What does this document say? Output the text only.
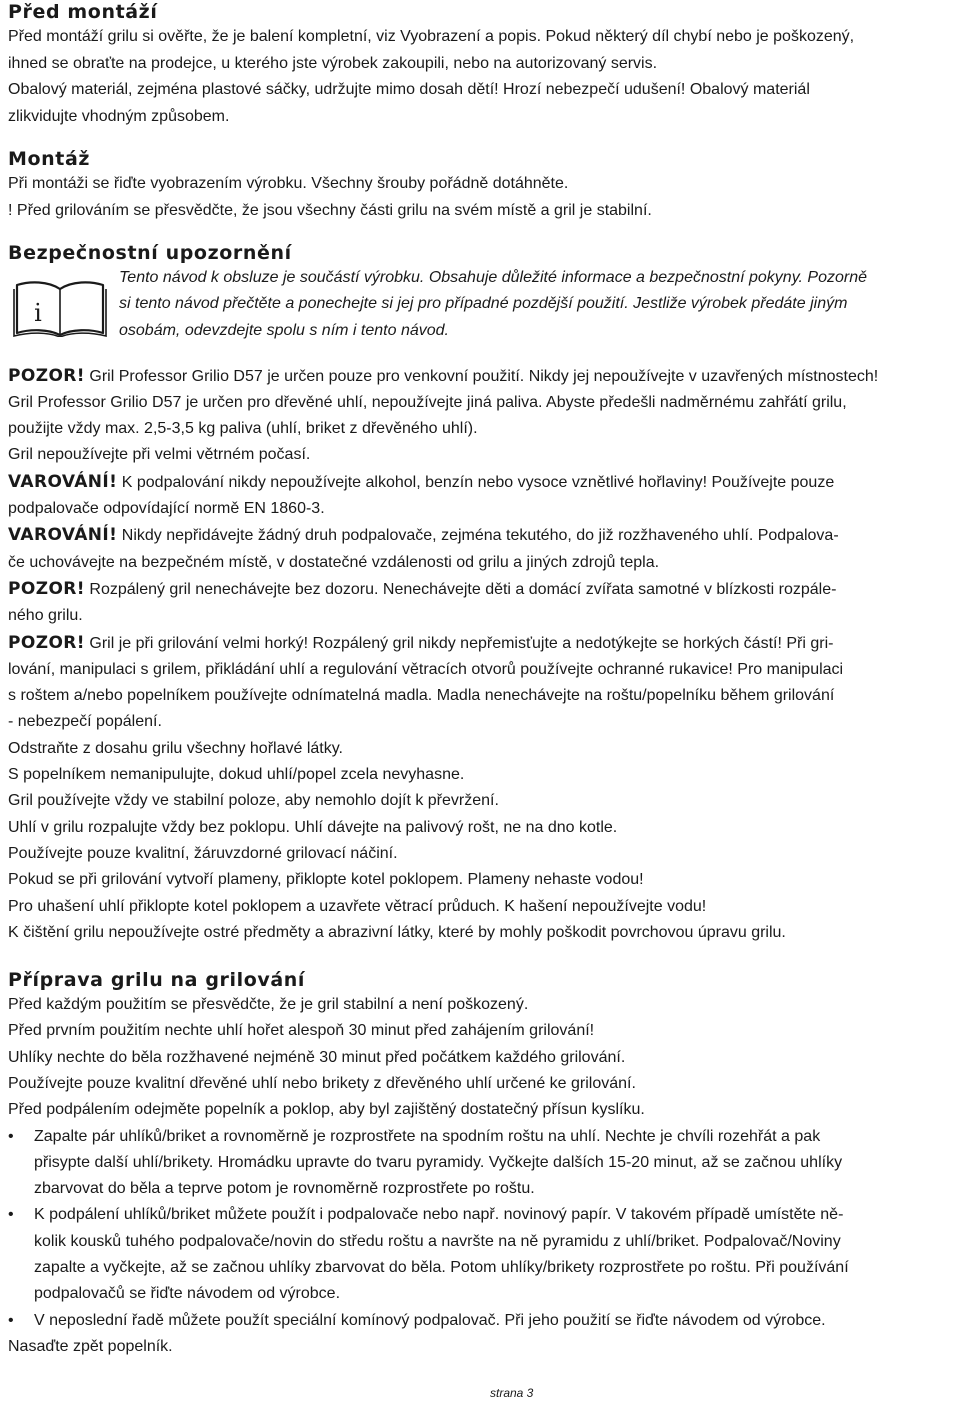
Před montáží

Před montáží grilu si ověřte, že je balení kompletní, viz Vyobrazení a popis. Pokud některý díl chybí nebo je poškozený,

ihned se obraťte na prodejce, u kterého jste výrobek zakoupili, nebo na autorizovaný servis.

Obalový materiál, zejména plastové sáčky, udržujte mimo dosah dětí! Hrozí nebezpečí udušení! Obalový materiál

zlikvidujte vhodným způsobem.

Montáž

Při montáži se řiďte vyobrazením výrobku. Všechny šrouby pořádně dotáhněte.

! Před grilováním se přesvědčte, že jsou všechny části grilu na svém místě a gril je stabilní.

Bezpečnostní upozornění
i
Tento návod k obsluze je součástí výrobku. Obsahuje důležité informace a bezpečnostní pokyny. Pozorně
si tento návod přečtěte a ponechejte si jej pro případné pozdější použití. Jestliže výrobek předáte jiným
osobám, odevzdejte spolu s ním i tento návod.

POZOR! Gril Professor Grilio D57 je určen pouze pro venkovní použití. Nikdy jej nepoužívejte v uzavřených místnostech!

Gril Professor Grilio D57 je určen pro dřevěné uhlí, nepoužívejte jiná paliva. Abyste předešli nadměrnému zahřátí grilu,

použijte vždy max. 2,5-3,5 kg paliva (uhlí, briket z dřevěného uhlí).

Gril nepoužívejte při velmi větrném počasí.

VAROVÁNÍ! K podpalování nikdy nepoužívejte alkohol, benzín nebo vysoce vznětlivé hořlaviny! Používejte pouze

podpalovače odpovídající normě EN 1860-3.

VAROVÁNÍ! Nikdy nepřidávejte žádný druh podpalovače, zejména tekutého, do již rozžhaveného uhlí. Podpalova-

če uchovávejte na bezpečném místě, v dostatečné vzdálenosti od grilu a jiných zdrojů tepla.

POZOR! Rozpálený gril nenechávejte bez dozoru. Nenechávejte děti a domácí zvířata samotné v blízkosti rozpále-

ného grilu.

POZOR! Gril je při grilování velmi horký! Rozpálený gril nikdy nepřemisťujte a nedotýkejte se horkých částí! Při gri-

lování, manipulaci s grilem, přikládání uhlí a regulování větracích otvorů používejte ochranné rukavice! Pro manipulaci

s roštem a/nebo popelníkem používejte odnímatelná madla. Madla nenechávejte na roštu/popelníku během grilování

- nebezpečí popálení.

Odstraňte z dosahu grilu všechny hořlavé látky.

S popelníkem nemanipulujte, dokud uhlí/popel zcela nevyhasne.

Gril používejte vždy ve stabilní poloze, aby nemohlo dojít k převržení.

Uhlí v grilu rozpalujte vždy bez poklopu. Uhlí dávejte na palivový rošt, ne na dno kotle.

Používejte pouze kvalitní, žáruvzdorné grilovací náčiní.

Pokud se při grilování vytvoří plameny, přiklopte kotel poklopem. Plameny nehaste vodou!

Pro uhašení uhlí přiklopte kotel poklopem a uzavřete větrací průduch. K hašení nepoužívejte vodu!

K čištění grilu nepoužívejte ostré předměty a abrazivní látky, které by mohly poškodit povrchovou úpravu grilu.

Příprava grilu na grilování

Před každým použitím se přesvědčte, že je gril stabilní a není poškozený.

Před prvním použitím nechte uhlí hořet alespoň 30 minut před zahájením grilování!

Uhlíky nechte do běla rozžhavené nejméně 30 minut před počátkem každého grilování.

Používejte pouze kvalitní dřevěné uhlí nebo brikety z dřevěného uhlí určené ke grilování.

Před podpálením odejměte popelník a poklop, aby byl zajištěný dostatečný přísun kyslíku.

•	Zapalte pár uhlíků/briket a rovnoměrně je rozprostřete na spodním roštu na uhlí. Nechte je chvíli rozehřát a pak

přisypte další uhlí/brikety. Hromádku upravte do tvaru pyramidy. Vyčkejte dalších 15-20 minut, až se začnou uhlíky

zbarvovat do běla a teprve potom je rovnoměrně rozprostřete po roštu.

•	K podpálení uhlíků/briket můžete použít i podpalovače nebo např. novinový papír. V takovém případě umístěte ně-

kolik kousků tuhého podpalovače/novin do středu roštu a navršte na ně pyramidu z uhlí/briket. Podpalovač/Noviny

zapalte a vyčkejte, až se začnou uhlíky zbarvovat do běla. Potom uhlíky/brikety rozprostřete po roštu. Při používání

podpalovačů se řiďte návodem od výrobce.

•	V neposlední řadě můžete použít speciální komínový podpalovač. Při jeho použití se řiďte návodem od výrobce.

Nasaďte zpět popelník.

strana 3
